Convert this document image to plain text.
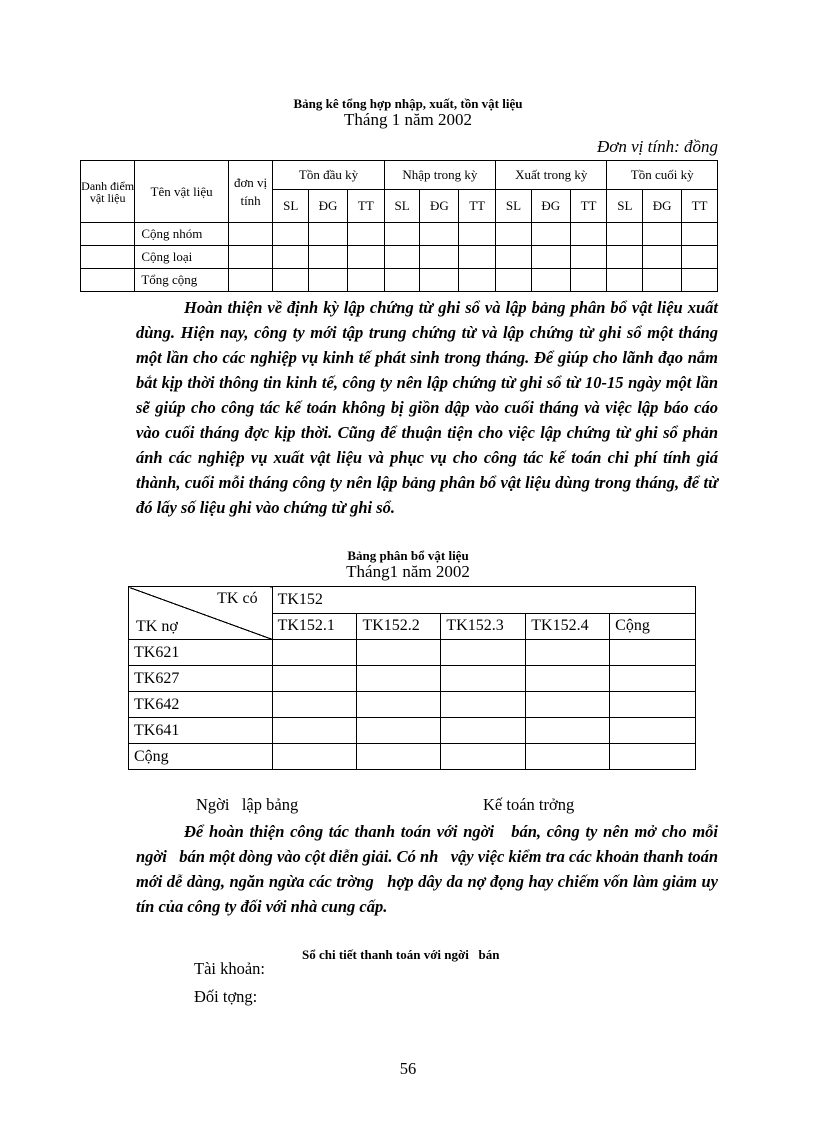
Bảng kê tổng hợp nhập, xuất, tồn vật liệu
Tháng 1 năm 2002
Đơn vị tính: đồng
Danh điểm vật liệu	Tên vật liệu	đơn vị tính	Tồn đầu kỳ			Nhập trong kỳ			Xuất trong kỳ			Tồn cuối kỳ		
			SL	ĐG	TT	SL	ĐG	TT	SL	ĐG	TT	SL	ĐG	TT
	Cộng nhóm													
	Cộng loại													
	Tổng cộng													

Hoàn thiện về định kỳ lập chứng từ ghi sổ và lập bảng phân bổ vật liệu xuất dùng. Hiện nay, công ty mới tập trung chứng từ và lập chứng từ ghi sổ một tháng một lần cho các nghiệp vụ kinh tế phát sinh trong tháng. Để giúp cho lãnh đạo nắm bắt kịp thời thông tin kinh tế, công ty nên lập chứng từ ghi sổ từ 10-15 ngày một lần sẽ giúp cho công tác kế toán không bị giồn dập vào cuối tháng và việc lập báo cáo vào cuối tháng đợc kịp thời. Cũng để thuận tiện cho việc lập chứng từ ghi sổ phản ánh các nghiệp vụ xuất vật liệu và phục vụ cho công tác kế toán chi phí tính giá thành, cuối mỗi tháng công ty nên lập bảng phân bổ vật liệu dùng trong tháng, để từ đó lấy số liệu ghi vào chứng từ ghi sổ.

Bảng phân bổ vật liệu
Tháng1 năm 2002
TK có
TK nợ	TK152				
	TK152.1	TK152.2	TK152.3	TK152.4	Cộng
TK621					
TK627					
TK642					
TK641					
Cộng					
Ngời   lập bảng	Kế toán trởng

Để hoàn thiện công tác thanh toán với ngời   bán, công ty nên mở cho mỗi ngời   bán một dòng vào cột diễn giải. Có nh   vậy việc kiểm tra các khoản thanh toán mới dễ dàng, ngăn ngừa các trờng   hợp dây da nợ đọng hay chiếm vốn làm giảm uy tín của công ty đối với nhà cung cấp.

Sổ chi tiết thanh toán với ngời   bán
Tài khoản:
Đối tợng:
56
